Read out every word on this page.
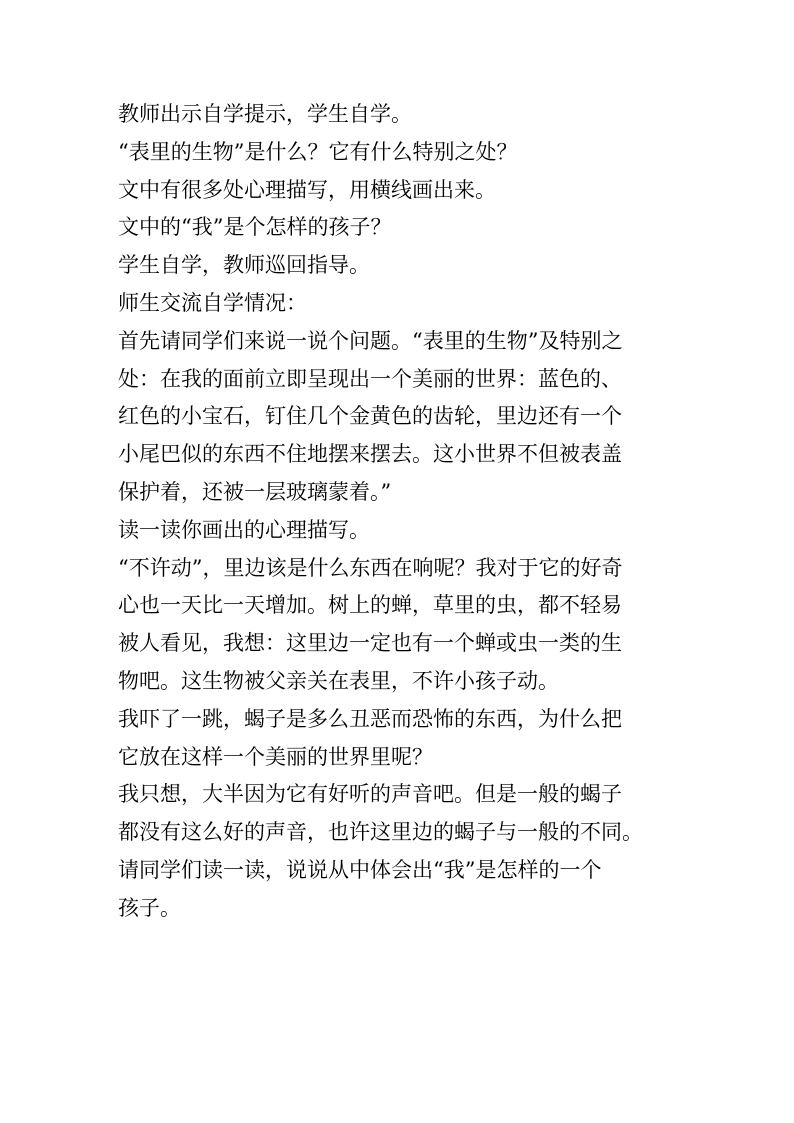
教师出示自学提示，学生自学。
“表里的生物”是什么？它有什么特别之处？
文中有很多处心理描写，用横线画出来。
文中的“我”是个怎样的孩子？
学生自学，教师巡回指导。
师生交流自学情况：
首先请同学们来说一说个问题。“表里的生物”及特别之
处：在我的面前立即呈现出一个美丽的世界：蓝色的、
红色的小宝石，钉住几个金黄色的齿轮，里边还有一个
小尾巴似的东西不住地摆来摆去。这小世界不但被表盖
保护着，还被一层玻璃蒙着。”
读一读你画出的心理描写。
“不许动”，里边该是什么东西在响呢？我对于它的好奇
心也一天比一天增加。树上的蝉，草里的虫，都不轻易
被人看见，我想：这里边一定也有一个蝉或虫一类的生
物吧。这生物被父亲关在表里，不许小孩子动。
我吓了一跳，蝎子是多么丑恶而恐怖的东西，为什么把
它放在这样一个美丽的世界里呢？
我只想，大半因为它有好听的声音吧。但是一般的蝎子
都没有这么好的声音，也许这里边的蝎子与一般的不同。
请同学们读一读，说说从中体会出“我”是怎样的一个
孩子。
